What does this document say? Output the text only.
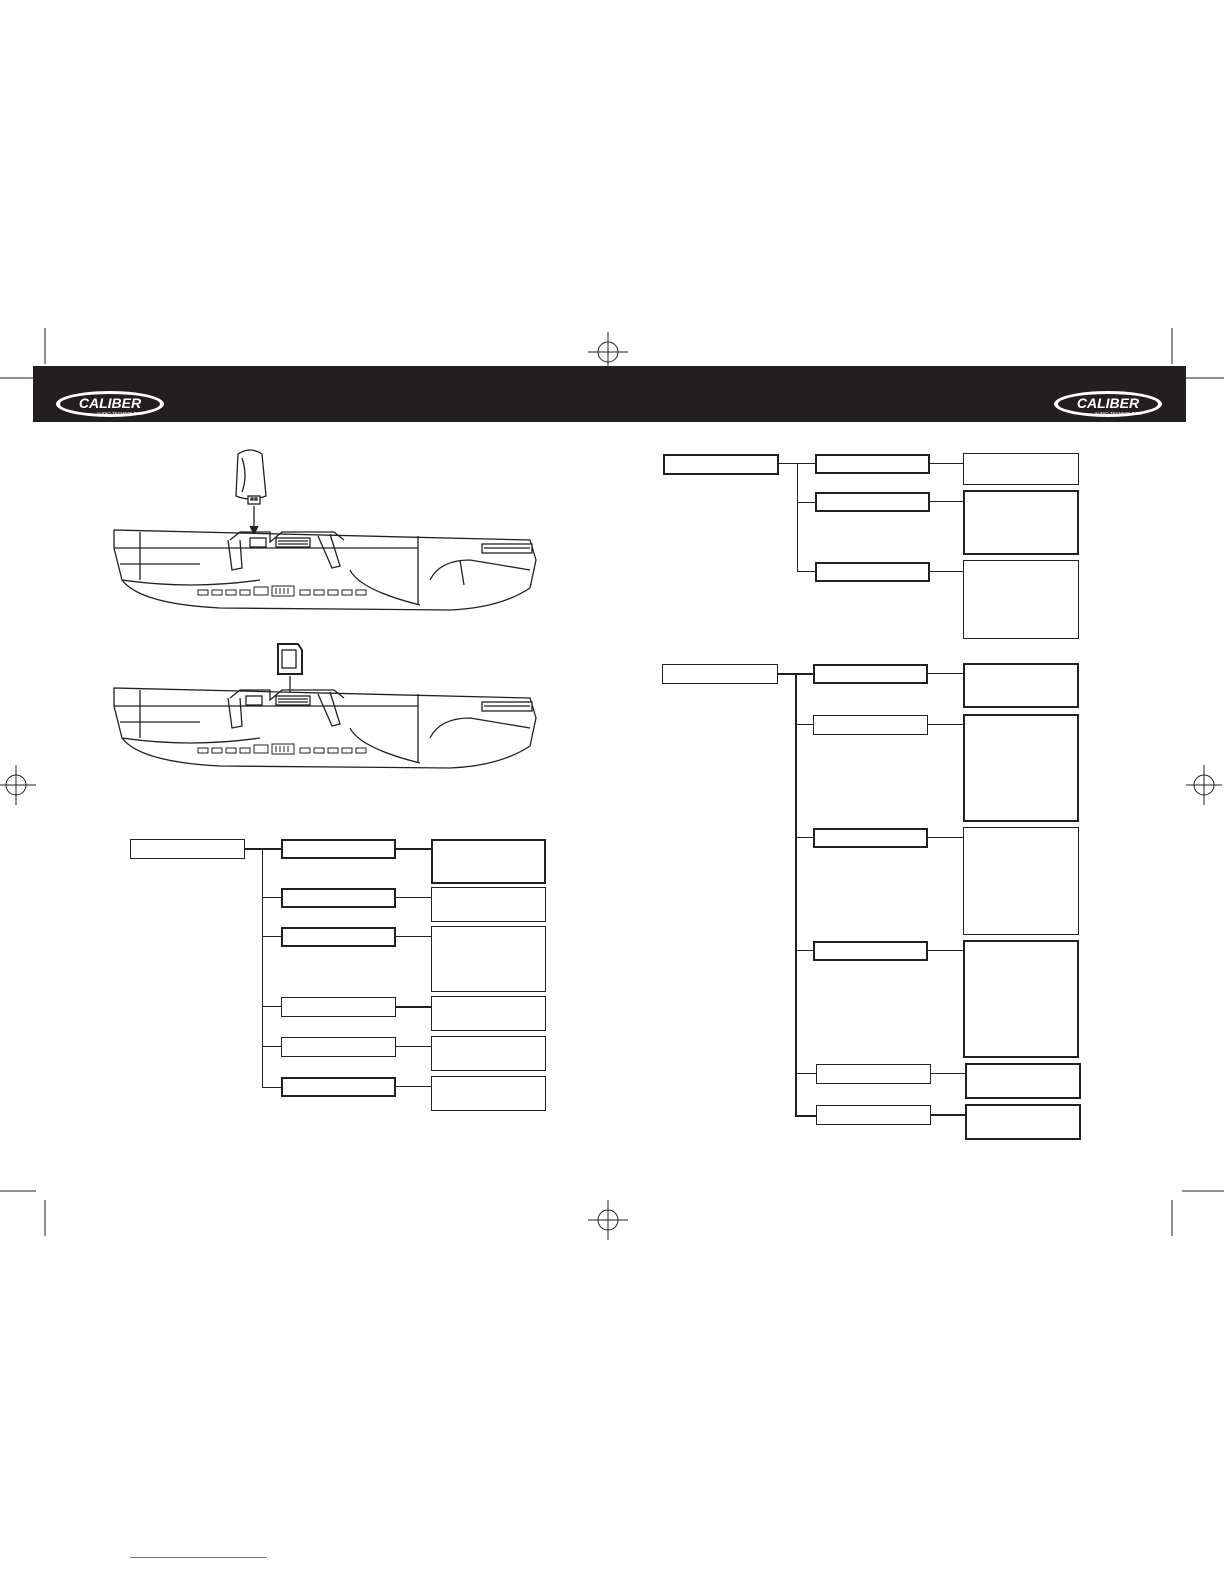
CALIBER
AUDIO TECHNOLOGY
CALIBER
AUDIO TECHNOLOGY
